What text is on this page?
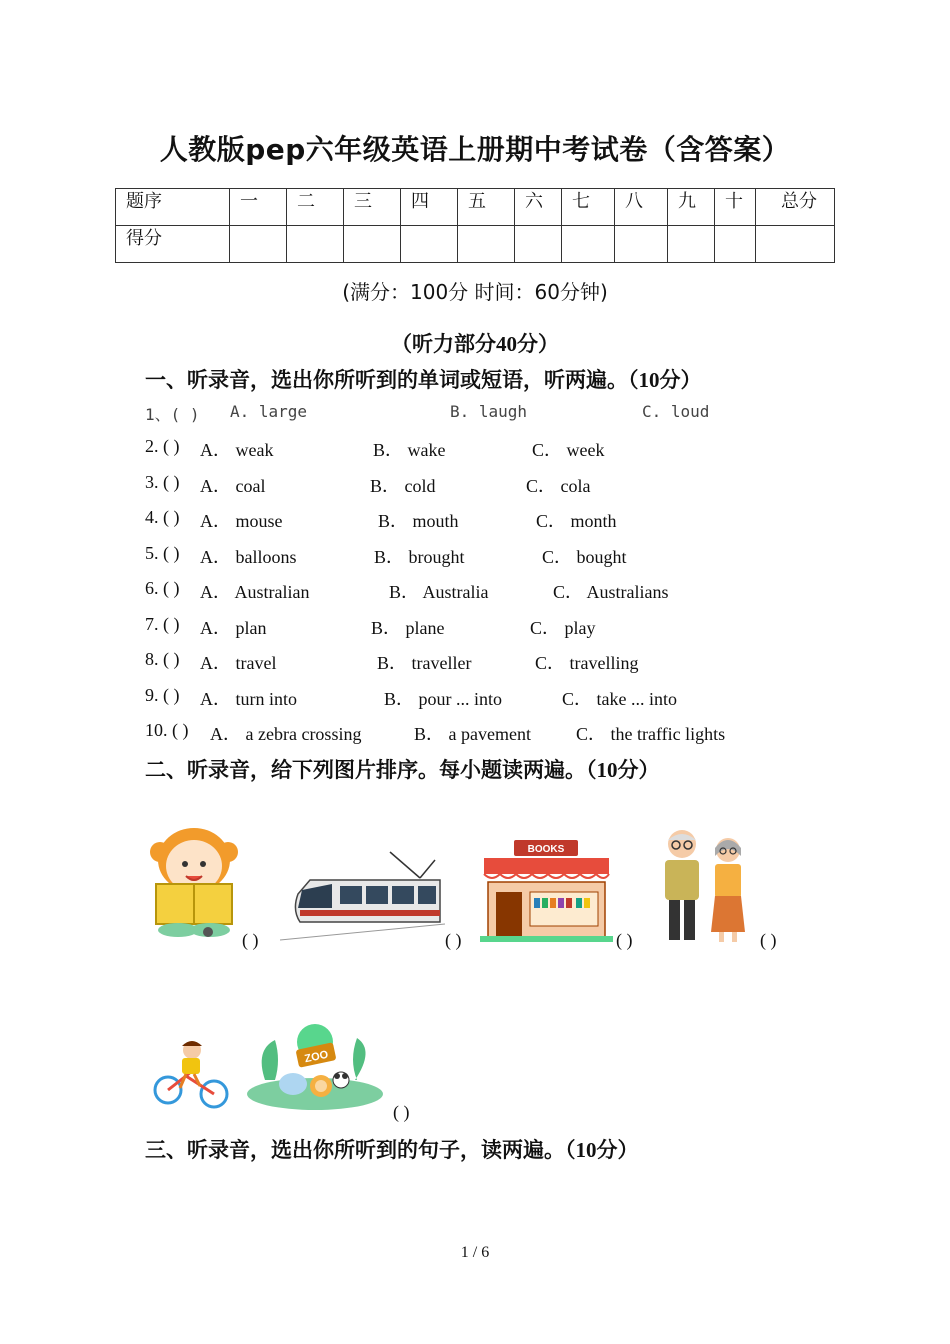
人教版pep六年级英语上册期中考试卷（含答案）
题序	一	二	三	四	五	六	七	八	九	十	总分
得分											
(满分：100分 时间：60分钟)
（听力部分40分）
一、听录音，选出你所听到的单词或短语，听两遍。（10分）
1、( ) A. large	B. laugh	C. loud
2. ( ) A． weak	B． wake	C． week
3. ( ) A． coal	B． cold	C． cola
4. ( ) A． mouse	B． mouth	C． month
5. ( ) A． balloons	B． brought	C． bought
6. ( ) A． Australian	B． Australia	C． Australians
7. ( ) A． plan	B． plane	C． play
8. ( ) A． travel	B． traveller	C． travelling
9. ( ) A． turn into	B． pour ... into	C． take ... into
10. ( ) A． a zebra crossing	B． a pavement	C． the traffic lights
二、听录音，给下列图片排序。每小题读两遍。（10分）
( )	( )
BOOKS
( )	( )
ZOO
( )
三、听录音，选出你所听到的句子，读两遍。（10分）
1 / 6
